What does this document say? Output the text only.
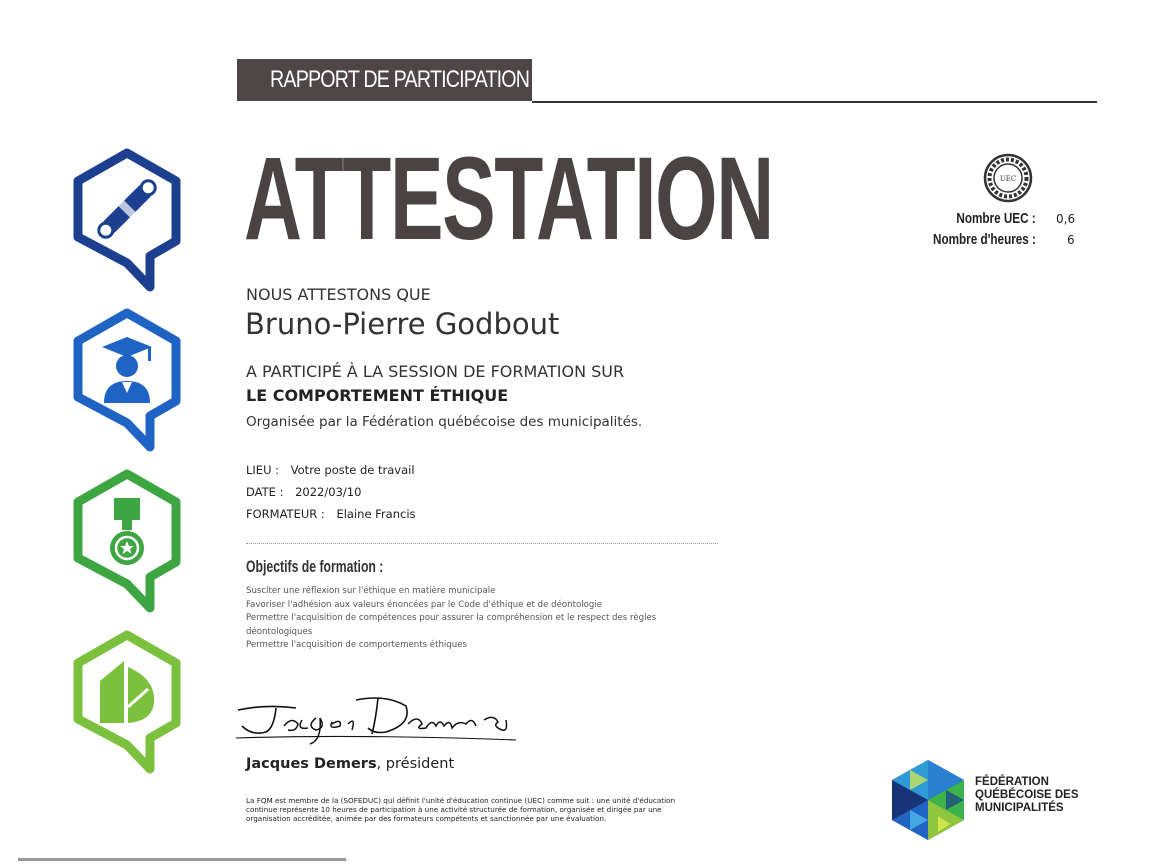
RAPPORT DE PARTICIPATION
ATTESTATION	UEC
Nombre UEC : 0,6
Nombre d'heures :	6
NOUS ATTESTONS QUE
Bruno-Pierre Godbout
A PARTICIPÉ À LA SESSION DE FORMATION SUR
LE COMPORTEMENT ÉTHIQUE
Organisée par la Fédération québécoise des municipalités.
LIEU : Votre poste de travail
DATE : 2022/03/10
FORMATEUR : Elaine Francis
Objectifs de formation :
Susciter une réflexion sur l'éthique en matière municipale
Favoriser l'adhésion aux valeurs énoncées par le Code d'éthique et de déontologie
Permettre l'acquisition de compétences pour assurer la compréhension et le respect des règles déontologiques
Permettre l'acquisition de comportements éthiques
Jacques Demers, président
La FQM est membre de la (SOFEDUC) qui définit l'unité d'éducation continue (UEC) comme suit : une unité d'éducation continue représente 10 heures de participation à une activité structurée de formation, organisée et dirigée par une organisation accréditée, animée par des formateurs compétents et sanctionnée par une évaluation.
FÉDÉRATION
QUÉBÉCOISE DES
MUNICIPALITÉS
